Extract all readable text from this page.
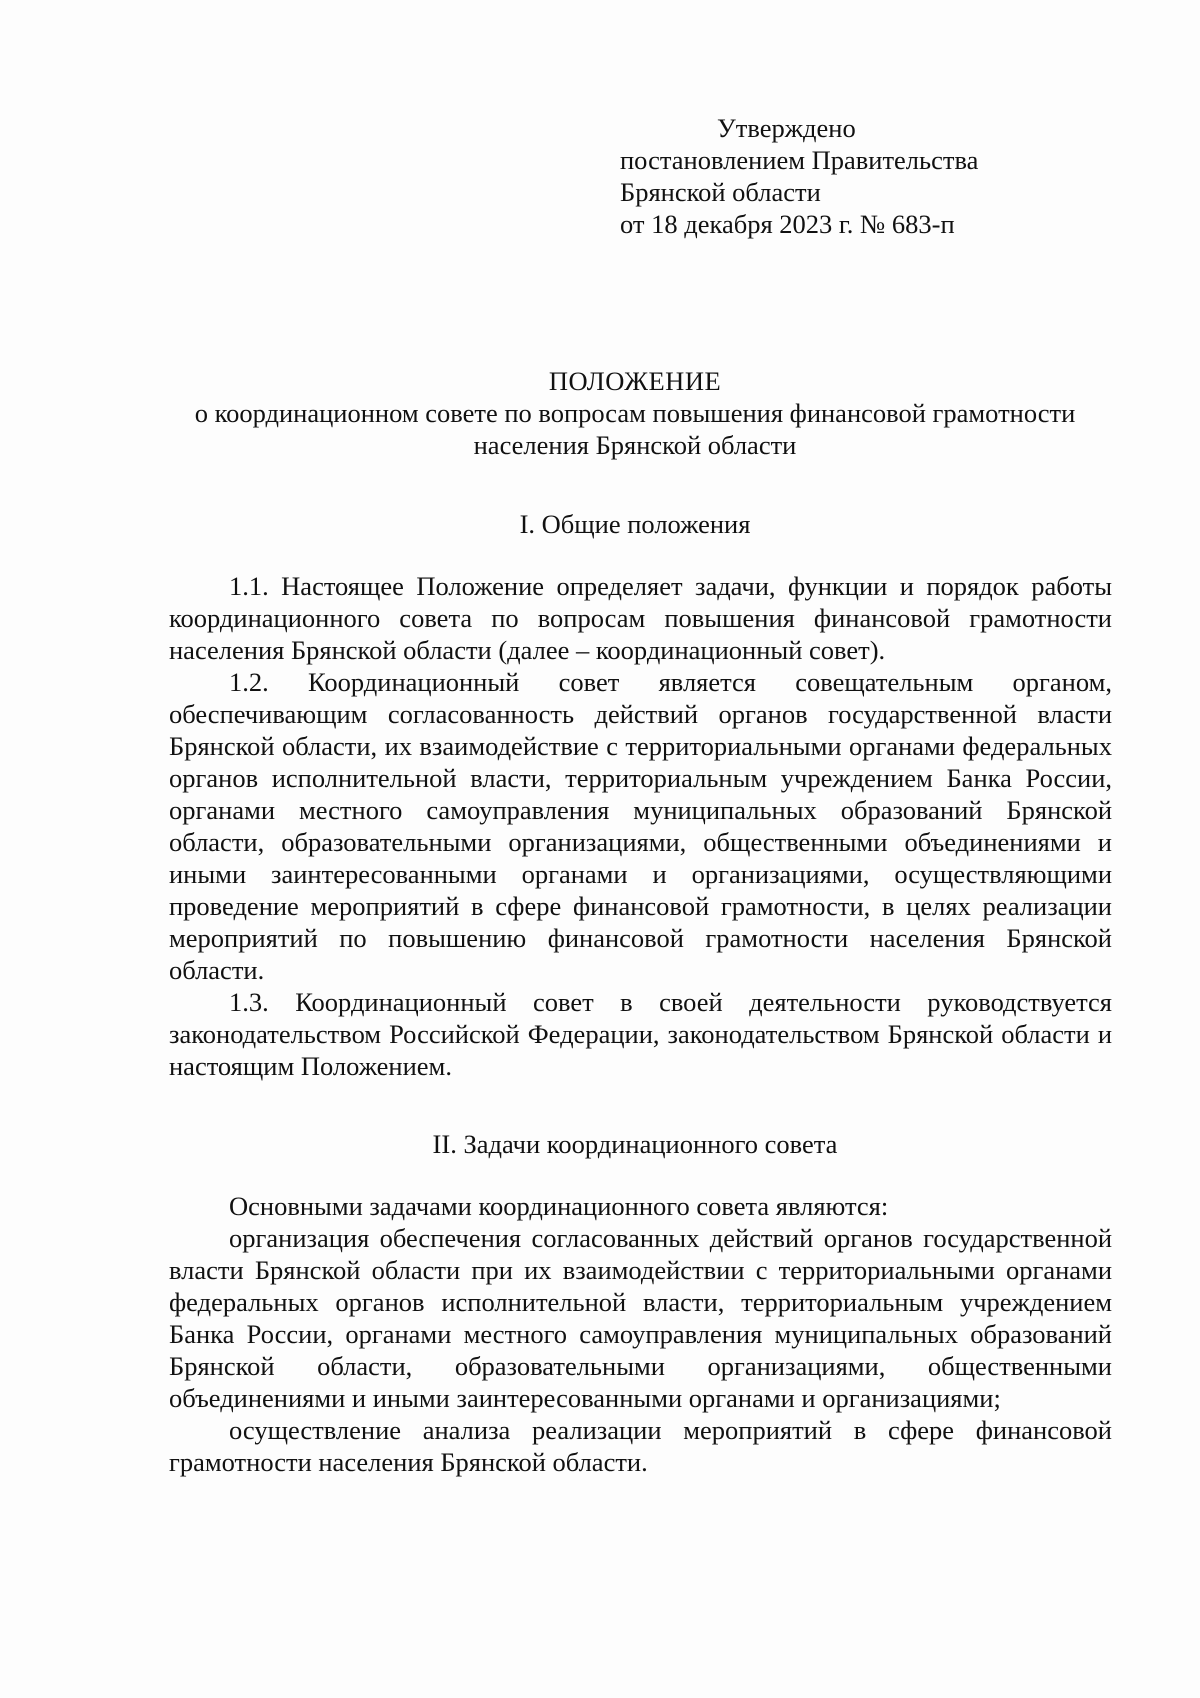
Утверждено
постановлением Правительства
Брянской области
от 18 декабря 2023 г. № 683-п
ПОЛОЖЕНИЕ
о координационном совете по вопросам повышения финансовой грамотности
населения Брянской области
I. Общие положения

1.1. Настоящее Положение определяет задачи, функции и порядок работы координационного совета по вопросам повышения финансовой грамотности населения Брянской области (далее – координационный совет).

1.2. Координационный совет является совещательным органом, обеспечивающим согласованность действий органов государственной власти Брянской области, их взаимодействие с территориальными органами федеральных органов исполнительной власти, территориальным учреждением Банка России, органами местного самоуправления муниципальных образований Брянской области, образовательными организациями, общественными объединениями и иными заинтересованными органами и организациями, осуществляющими проведение мероприятий в сфере финансовой грамотности, в целях реализации мероприятий по повышению финансовой грамотности населения Брянской области.

1.3. Координационный совет в своей деятельности руководствуется законодательством Российской Федерации, законодательством Брянской области и настоящим Положением.

II. Задачи координационного совета

Основными задачами координационного совета являются:

организация обеспечения согласованных действий органов государственной власти Брянской области при их взаимодействии с территориальными органами федеральных органов исполнительной власти, территориальным учреждением Банка России, органами местного самоуправления муниципальных образований Брянской области, образовательными организациями, общественными объединениями и иными заинтересованными органами и организациями;

осуществление анализа реализации мероприятий в сфере финансовой грамотности населения Брянской области.
